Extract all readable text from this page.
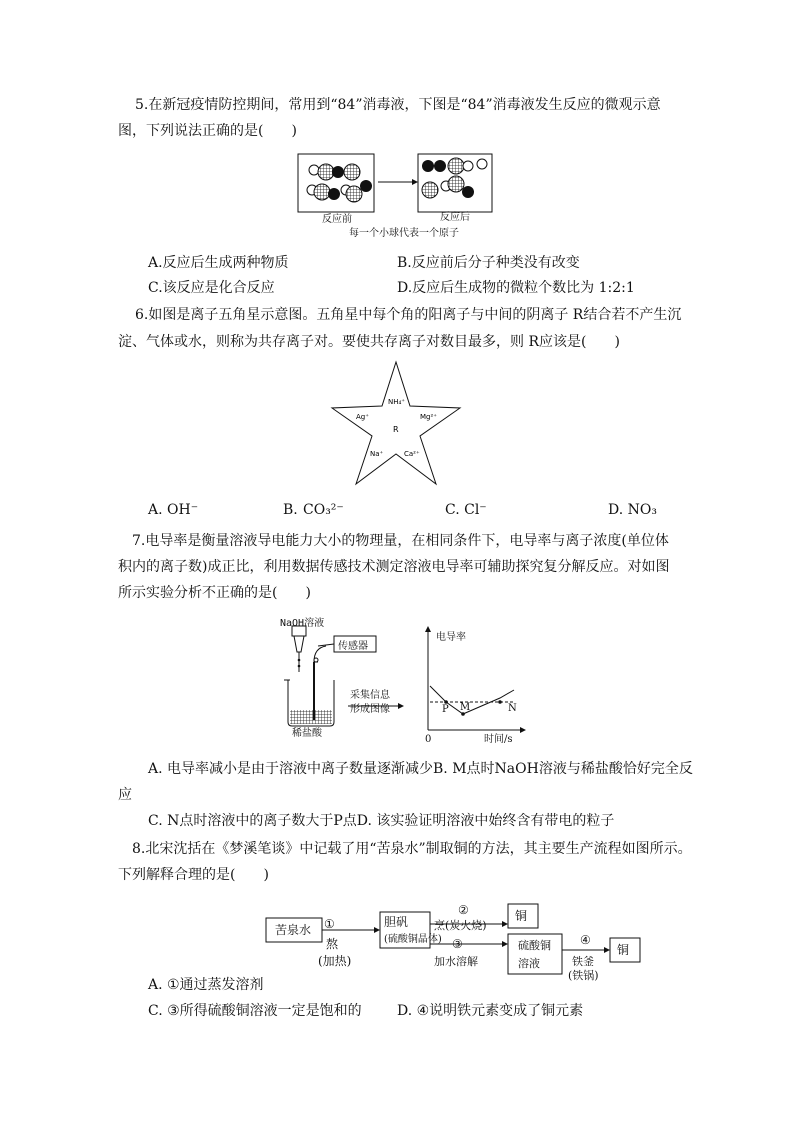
5.在新冠疫情防控期间，常用到“84”消毒液，下图是“84”消毒液发生反应的微观示意
图，下列说法正确的是(　　)
反应前	反应后
每一个小球代表一个原子
A.反应后生成两种物质	B.反应前后分子种类没有改变
C.该反应是化合反应	D.反应后生成物的微粒个数比为 1:2:1
6.如图是离子五角星示意图。五角星中每个角的阳离子与中间的阴离子 R结合若不产生沉
淀、气体或水，则称为共存离子对。要使共存离子对数目最多，则 R应该是(　　)
NH₄⁺
Ag⁺	Mg²⁺
R
Na⁺	Ca²⁺
A. OH⁻	B. CO₃²⁻	C. Cl⁻	D. NO₃
7.电导率是衡量溶液导电能力大小的物理量，在相同条件下，电导率与离子浓度(单位体
积内的离子数)成正比，利用数据传感技术测定溶液电导率可辅助探究复分解反应。对如图
所示实验分析不正确的是(　　)
NaOH溶液
传感器
稀盐酸
采集信息
形成图像
电导率
时间/s
0
P M	N
A. 电导率减小是由于溶液中离子数量逐渐减少B. M点时NaOH溶液与稀盐酸恰好完全反
应
C. N点时溶液中的离子数大于P点D. 该实验证明溶液中始终含有带电的粒子
8.北宋沈括在《梦溪笔谈》中记载了用“苦泉水”制取铜的方法，其主要生产流程如图所示。
下列解释合理的是(　　)
苦泉水 ①
熬
(加热)
胆矾
(硫酸铜晶体)
②
烹(炭火烧)
铜
③
加水溶解
硫酸铜
溶液
④
铁釜
(铁锅)
铜
A. ①通过蒸发溶剂
C. ③所得硫酸铜溶液一定是饱和的	D. ④说明铁元素变成了铜元素
